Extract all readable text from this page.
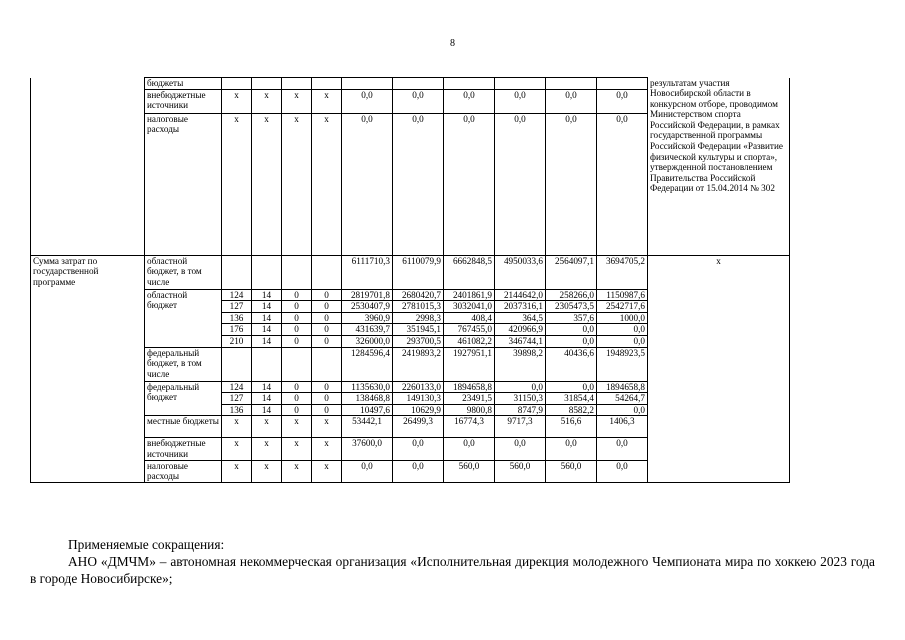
8
	бюджеты											результатам участия Новосибирской области в конкурсном отборе, проводимом Министерством спорта Российской Федерации, в рамках государственной программы Российской Федерации «Развитие физической культуры и спорта», утвержденной постановлением Правительства Российской Федерации от 15.04.2014 № 302
	внебюджетные источники	х	х	х	х	0,0	0,0	0,0	0,0	0,0	0,0	
	налоговые расходы	х	х	х	х	0,0	0,0	0,0	0,0	0,0	0,0	
Сумма затрат по государственной программе	областной бюджет, в том числе					6111710,3	6110079,9	6662848,5	4950033,6	2564097,1	3694705,2	х
	областной бюджет	124	14	0	0	2819701,8	2680420,7	2401861,9	2144642,0	258266,0	1150987,6	
		127	14	0	0	2530407,9	2781015,3	3032041,0	2037316,1	2305473,5	2542717,6	
		136	14	0	0	3960,9	2998,3	408,4	364,5	357,6	1000,0	
		176	14	0	0	431639,7	351945,1	767455,0	420966,9	0,0	0,0	
		210	14	0	0	326000,0	293700,5	461082,2	346744,1	0,0	0,0	
	федеральный бюджет, в том числе					1284596,4	2419893,2	1927951,1	39898,2	40436,6	1948923,5	
	федеральный бюджет	124	14	0	0	1135630,0	2260133,0	1894658,8	0,0	0,0	1894658,8	
		127	14	0	0	138468,8	149130,3	23491,5	31150,3	31854,4	54264,7	
		136	14	0	0	10497,6	10629,9	9800,8	8747,9	8582,2	0,0	
	местные бюджеты	х	х	х	х	53442,1	26499,3	16774,3	9717,3	516,6	1406,3	
	внебюджетные источники	х	х	х	х	37600,0	0,0	0,0	0,0	0,0	0,0	
	налоговые расходы	х	х	х	х	0,0	0,0	560,0	560,0	560,0	0,0	

Применяемые сокращения:

АНО «ДМЧМ» – автономная некоммерческая организация «Исполнительная дирекция молодежного Чемпионата мира по хоккею 2023 года в городе Новосибирске»;
